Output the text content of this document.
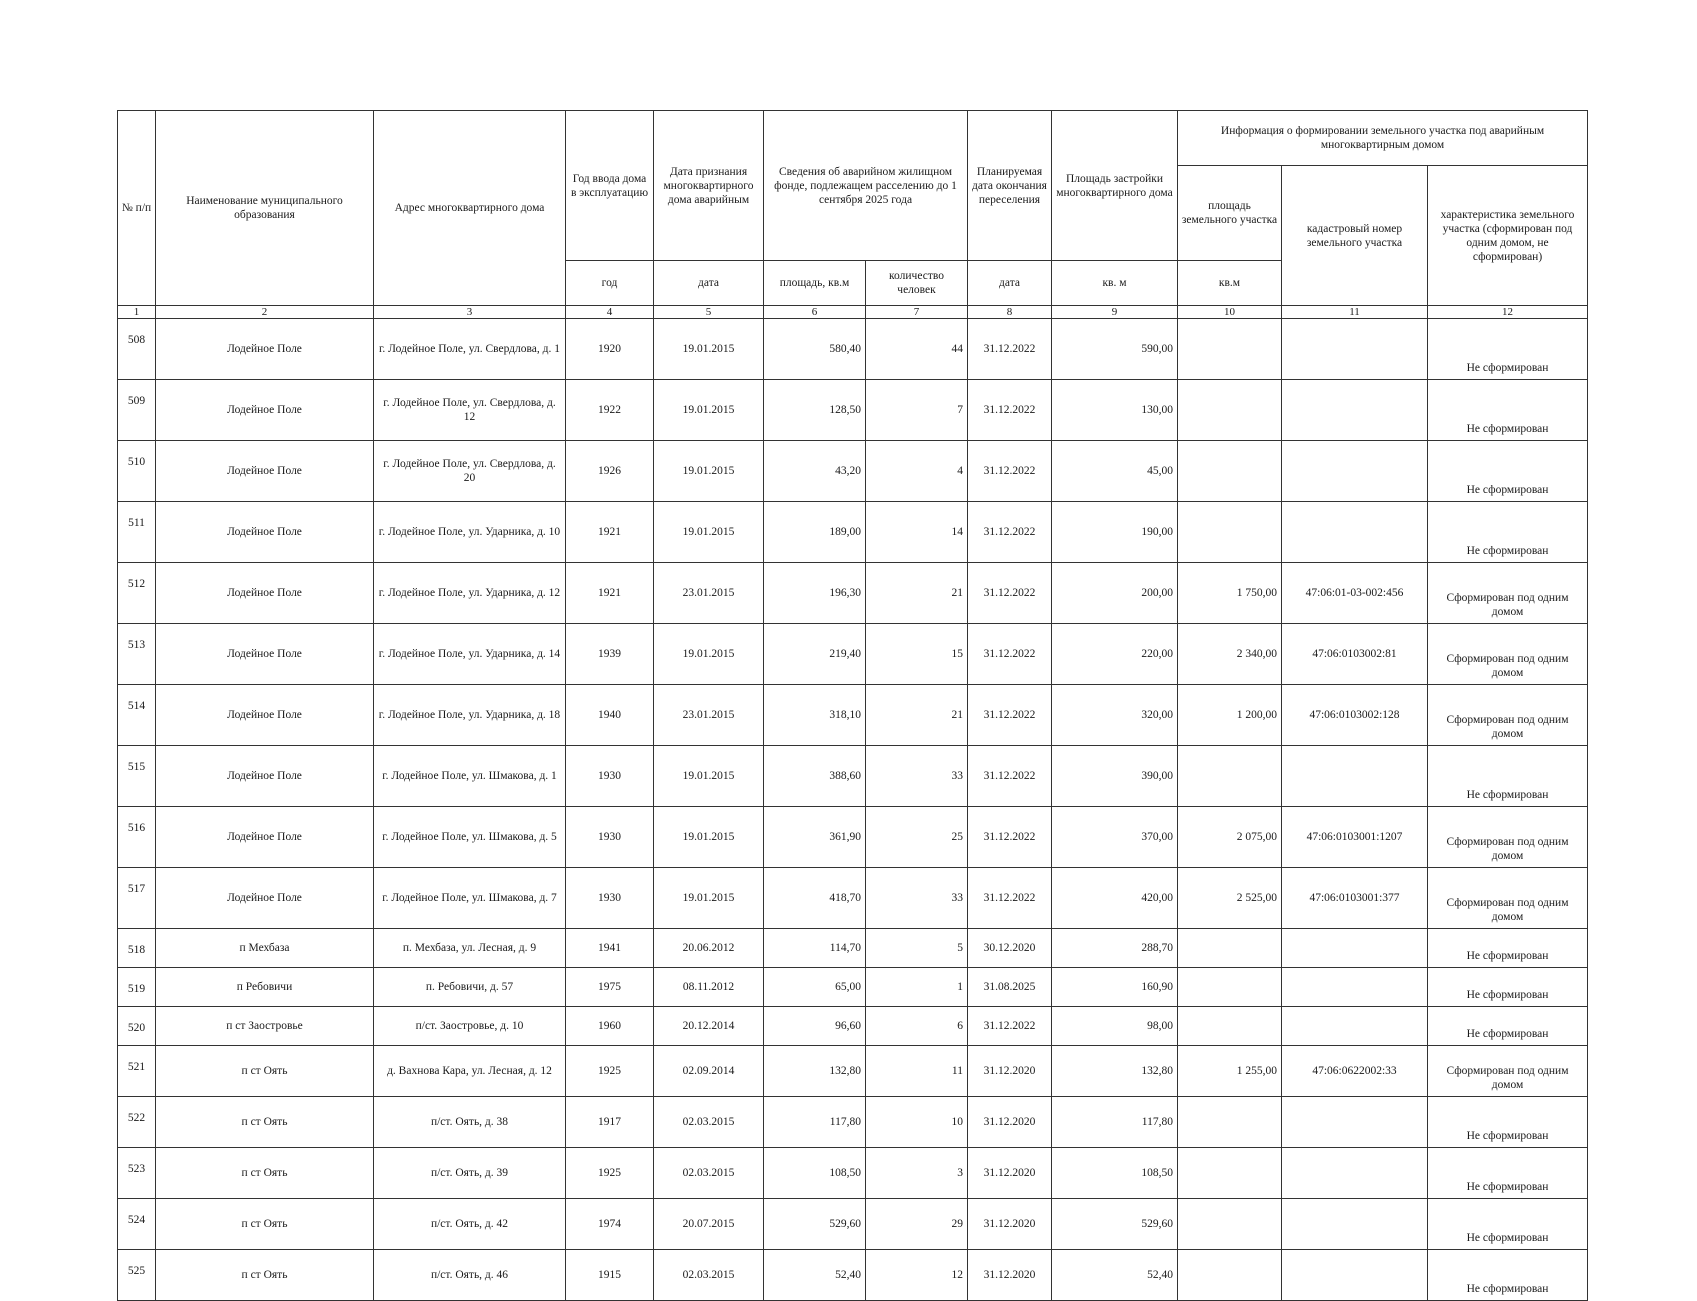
№ п/п	Наименование муниципального образования	Адрес многоквартирного дома	Год ввода дома в эксплуатацию	Дата признания многоквартирного дома аварийным	Сведения об аварийном жилищном фонде, подлежащем расселению до 1 сентября 2025 года		Планируемая дата окончания переселения	Площадь застройки многоквартирного дома	Информация о формировании земельного участка под аварийным многоквартирным домом		
									площадь земельного участка	кадастровый номер земельного участка	характеристика земельного участка (сформирован под одним домом, не сформирован)
			год	дата	площадь, кв.м	количество человек	дата	кв. м	кв.м		
1	2	3	4	5	6	7	8	9	10	11	12
508	Лодейное Поле	г. Лодейное Поле, ул. Свердлова, д. 1	1920	19.01.2015	580,40	44	31.12.2022	590,00			Не сформирован
509	Лодейное Поле	г. Лодейное Поле, ул. Свердлова, д. 12	1922	19.01.2015	128,50	7	31.12.2022	130,00			Не сформирован
510	Лодейное Поле	г. Лодейное Поле, ул. Свердлова, д. 20	1926	19.01.2015	43,20	4	31.12.2022	45,00			Не сформирован
511	Лодейное Поле	г. Лодейное Поле, ул. Ударника, д. 10	1921	19.01.2015	189,00	14	31.12.2022	190,00			Не сформирован
512	Лодейное Поле	г. Лодейное Поле, ул. Ударника, д. 12	1921	23.01.2015	196,30	21	31.12.2022	200,00	1 750,00	47:06:01-03-002:456	Сформирован под одним домом
513	Лодейное Поле	г. Лодейное Поле, ул. Ударника, д. 14	1939	19.01.2015	219,40	15	31.12.2022	220,00	2 340,00	47:06:0103002:81	Сформирован под одним домом
514	Лодейное Поле	г. Лодейное Поле, ул. Ударника, д. 18	1940	23.01.2015	318,10	21	31.12.2022	320,00	1 200,00	47:06:0103002:128	Сформирован под одним домом
515	Лодейное Поле	г. Лодейное Поле, ул. Шмакова, д. 1	1930	19.01.2015	388,60	33	31.12.2022	390,00			Не сформирован
516	Лодейное Поле	г. Лодейное Поле, ул. Шмакова, д. 5	1930	19.01.2015	361,90	25	31.12.2022	370,00	2 075,00	47:06:0103001:1207	Сформирован под одним домом
517	Лодейное Поле	г. Лодейное Поле, ул. Шмакова, д. 7	1930	19.01.2015	418,70	33	31.12.2022	420,00	2 525,00	47:06:0103001:377	Сформирован под одним домом
518	п Мехбаза	п. Мехбаза, ул. Лесная, д. 9	1941	20.06.2012	114,70	5	30.12.2020	288,70			Не сформирован
519	п Ребовичи	п. Ребовичи, д. 57	1975	08.11.2012	65,00	1	31.08.2025	160,90			Не сформирован
520	п ст Заостровье	п/ст. Заостровье, д. 10	1960	20.12.2014	96,60	6	31.12.2022	98,00			Не сформирован
521	п ст Оять	д. Вахнова Кара, ул. Лесная, д. 12	1925	02.09.2014	132,80	11	31.12.2020	132,80	1 255,00	47:06:0622002:33	Сформирован под одним домом
522	п ст Оять	п/ст. Оять, д. 38	1917	02.03.2015	117,80	10	31.12.2020	117,80			Не сформирован
523	п ст Оять	п/ст. Оять, д. 39	1925	02.03.2015	108,50	3	31.12.2020	108,50			Не сформирован
524	п ст Оять	п/ст. Оять, д. 42	1974	20.07.2015	529,60	29	31.12.2020	529,60			Не сформирован
525	п ст Оять	п/ст. Оять, д. 46	1915	02.03.2015	52,40	12	31.12.2020	52,40			Не сформирован
